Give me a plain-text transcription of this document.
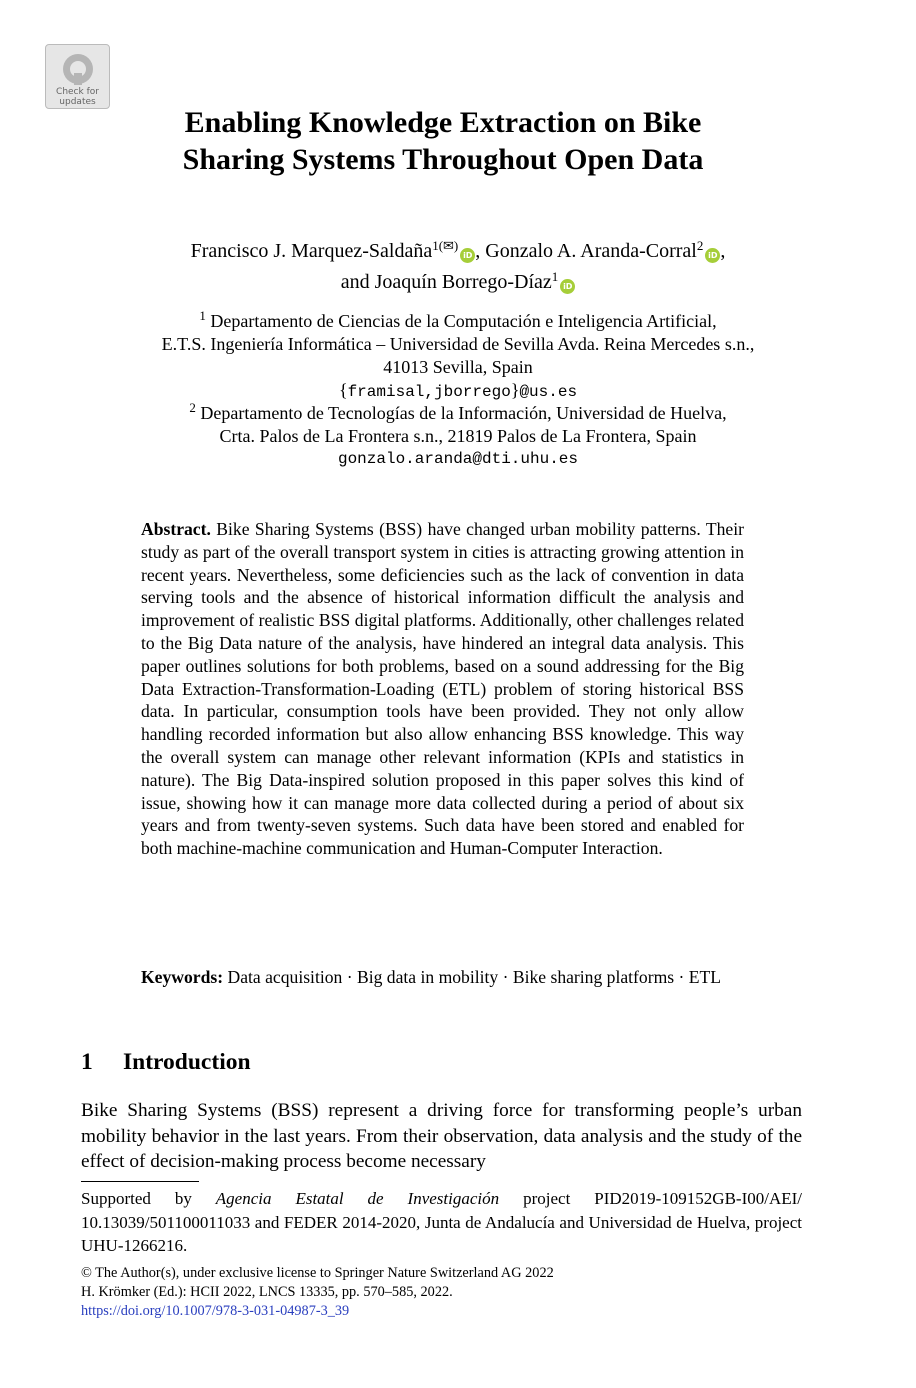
Check for
updates
Enabling Knowledge Extraction on Bike
Sharing Systems Throughout Open Data
Francisco J. Marquez-Saldaña$^{1(✉)}$iD , Gonzalo A. Aranda-Corral$^2$iD ,
and Joaquín Borrego-Díaz$^1$iD
$^1$ Departamento de Ciencias de la Computación e Inteligencia Artificial,
E.T.S. Ingeniería Informática – Universidad de Sevilla Avda. Reina Mercedes s.n.,
41013 Sevilla, Spain
{framisal,jborrego}@us.es
$^2$ Departamento de Tecnologías de la Información, Universidad de Huelva,
Crta. Palos de La Frontera s.n., 21819 Palos de La Frontera, Spain
gonzalo.aranda@dti.uhu.es
Abstract. Bike Sharing Systems (BSS) have changed urban mobility patterns. Their study as part of the overall transport system in cities is attracting growing attention in recent years. Nevertheless, some deficiencies such as the lack of convention in data serving tools and the absence of historical information difficult the analysis and improvement of realistic BSS digital platforms. Additionally, other challenges related to the Big Data nature of the analysis, have hindered an integral data analysis. This paper outlines solutions for both problems, based on a sound addressing for the Big Data Extraction-Transformation-Loading (ETL) problem of storing historical BSS data. In particular, consumption tools have been provided. They not only allow handling recorded information but also allow enhancing BSS knowledge. This way the overall system can manage other relevant information (KPIs and statistics in nature). The Big Data-inspired solution proposed in this paper solves this kind of issue, showing how it can manage more data collected during a period of about six years and from twenty-seven systems. Such data have been stored and enabled for both machine-machine communication and Human-Computer Interaction.
Keywords: Data acquisition · Big data in mobility · Bike sharing platforms · ETL
1 Introduction
Bike Sharing Systems (BSS) represent a driving force for transforming people’s urban mobility behavior in the last years. From their observation, data analysis and the study of the effect of decision-making process become necessary
Supported by Agencia Estatal de Investigación project PID2019-109152GB-I00/AEI/ 10.13039/501100011033 and FEDER 2014-2020, Junta de Andalucía and Universidad de Huelva, project UHU-1266216.
© The Author(s), under exclusive license to Springer Nature Switzerland AG 2022
H. Krömker (Ed.): HCII 2022, LNCS 13335, pp. 570–585, 2022.
https://doi.org/10.1007/978-3-031-04987-3_39
